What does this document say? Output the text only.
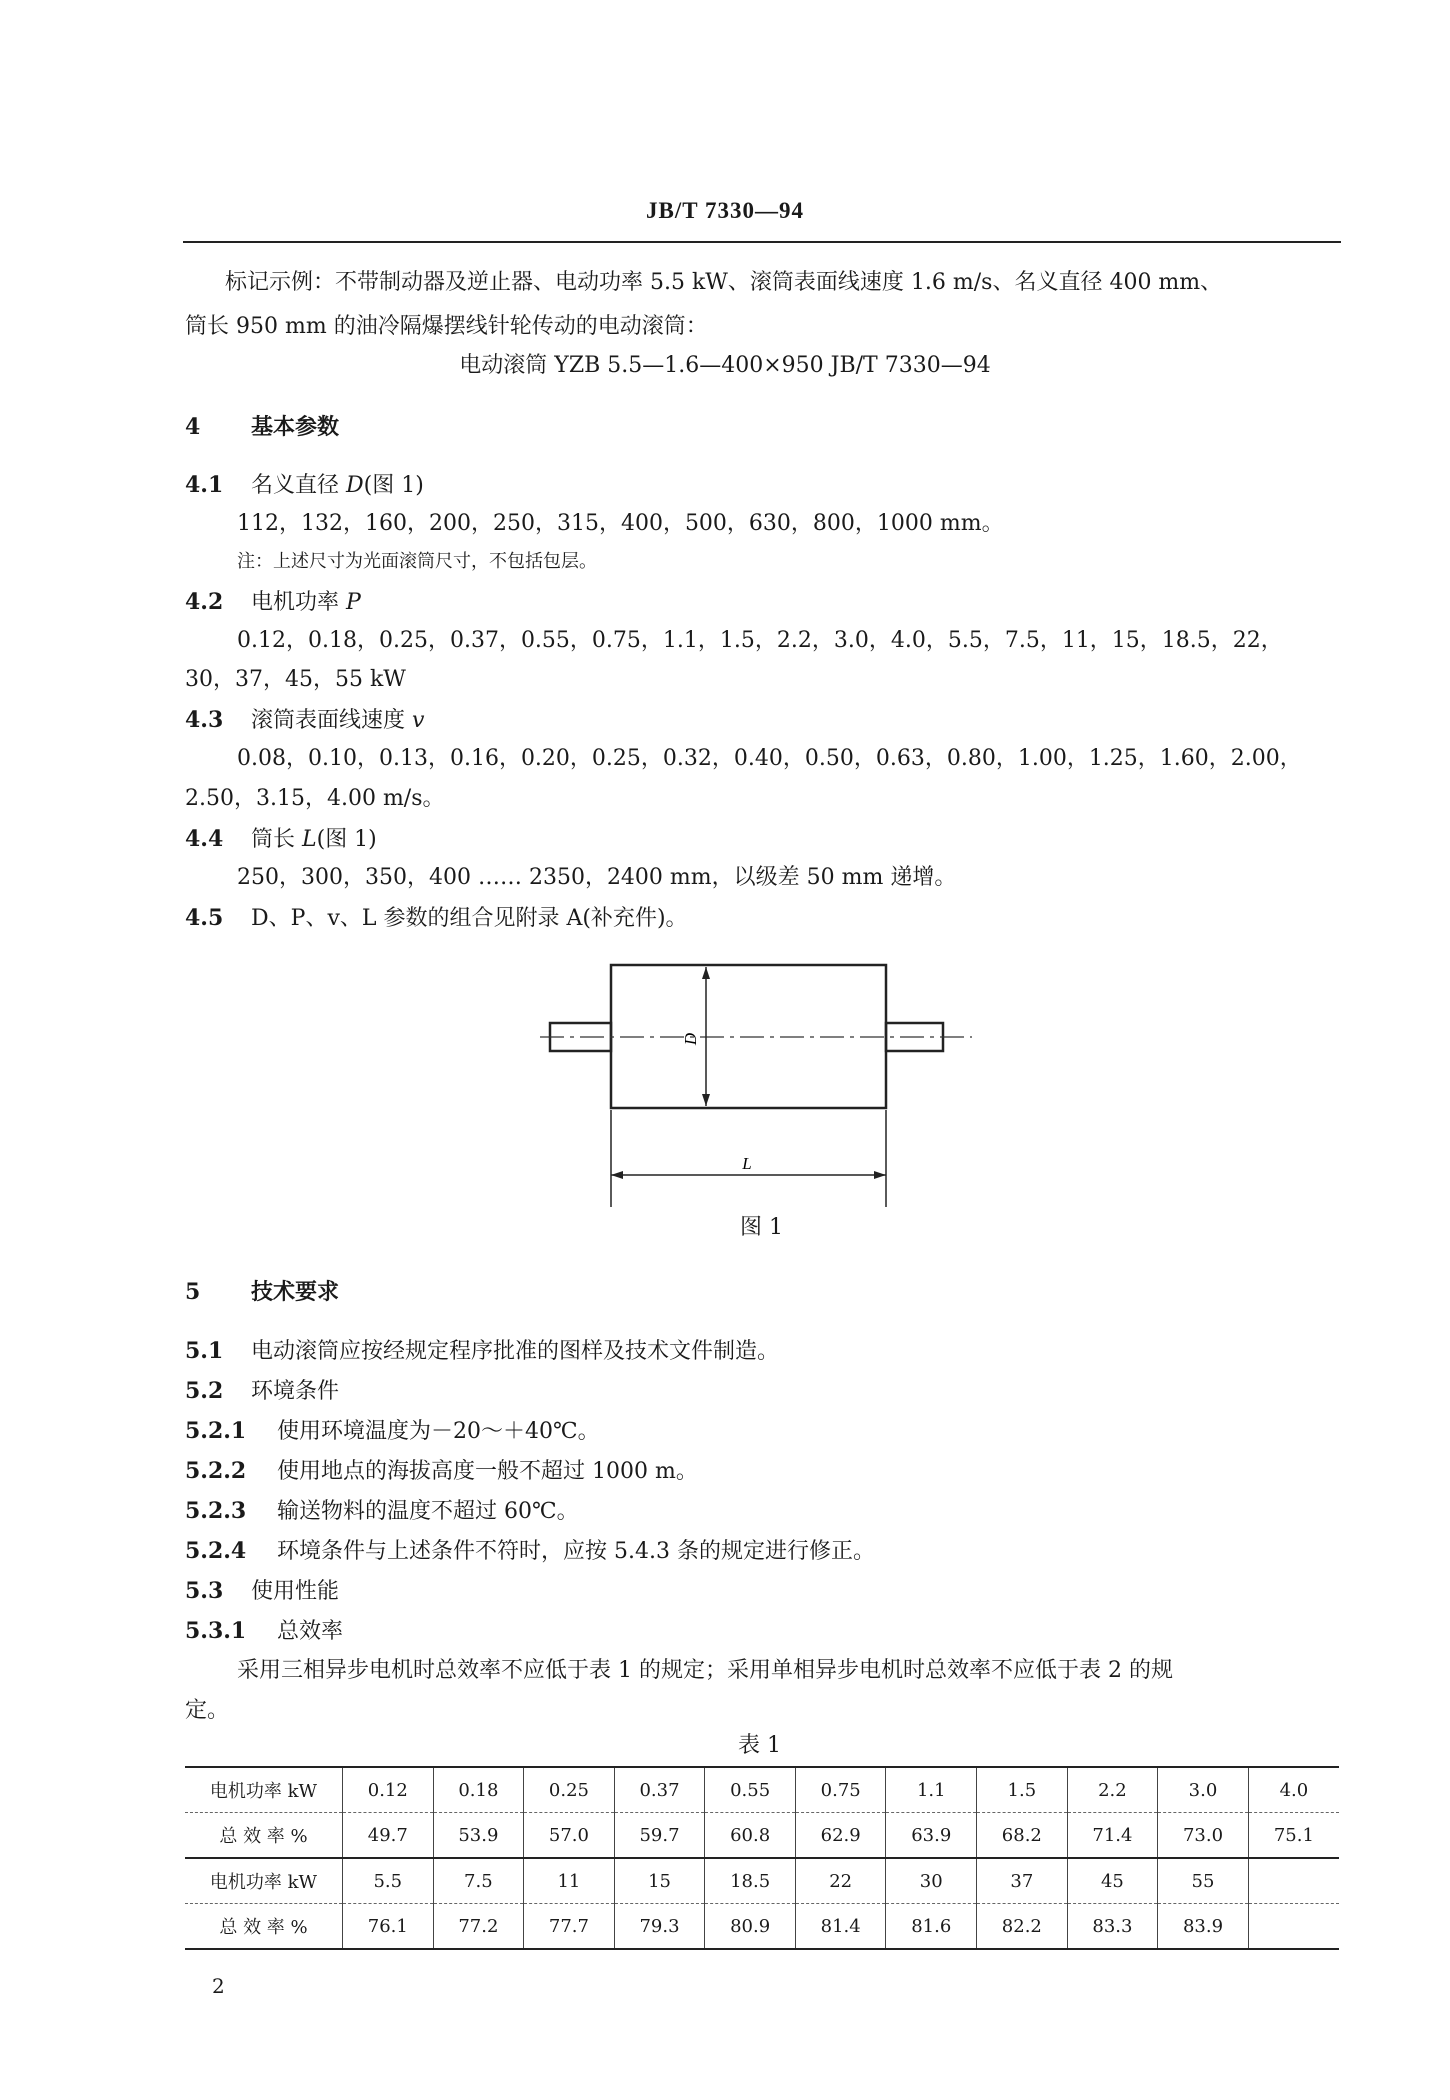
JB/T 7330—94
标记示例：不带制动器及逆止器、电动功率 5.5 kW、滚筒表面线速度 1.6 m/s、名义直径 400 mm、
筒长 950 mm 的油冷隔爆摆线针轮传动的电动滚筒：
电动滚筒 YZB 5.5—1.6—400×950 JB/T 7330—94
4 基本参数
4.1 名义直径 D(图 1)
112，132，160，200，250，315，400，500，630，800，1000 mm。
注：上述尺寸为光面滚筒尺寸，不包括包层。
4.2 电机功率 P
0.12，0.18，0.25，0.37，0.55，0.75，1.1，1.5，2.2，3.0，4.0，5.5，7.5，11，15，18.5，22，
30，37，45，55 kW
4.3 滚筒表面线速度 v
0.08，0.10，0.13，0.16，0.20，0.25，0.32，0.40，0.50，0.63，0.80，1.00，1.25，1.60，2.00，
2.50，3.15，4.00 m/s。
4.4 筒长 L(图 1)
250，300，350，400 …… 2350，2400 mm，以级差 50 mm 递增。
4.5 D、P、v、L 参数的组合见附录 A(补充件)。
D
L
图 1
5 技术要求
5.1 电动滚筒应按经规定程序批准的图样及技术文件制造。
5.2 环境条件
5.2.1 使用环境温度为－20～＋40℃。
5.2.2 使用地点的海拔高度一般不超过 1000 m。
5.2.3 输送物料的温度不超过 60℃。
5.2.4 环境条件与上述条件不符时，应按 5.4.3 条的规定进行修正。
5.3 使用性能
5.3.1 总效率
采用三相异步电机时总效率不应低于表 1 的规定；采用单相异步电机时总效率不应低于表 2 的规
定。
表 1
电机功率 kW	0.12	0.18	0.25	0.37	0.55	0.75	1.1	1.5	2.2	3.0	4.0
总 效 率 %	49.7	53.9	57.0	59.7	60.8	62.9	63.9	68.2	71.4	73.0	75.1
电机功率 kW	5.5	7.5	11	15	18.5	22	30	37	45	55	
总 效 率 %	76.1	77.2	77.7	79.3	80.9	81.4	81.6	82.2	83.3	83.9	
2
